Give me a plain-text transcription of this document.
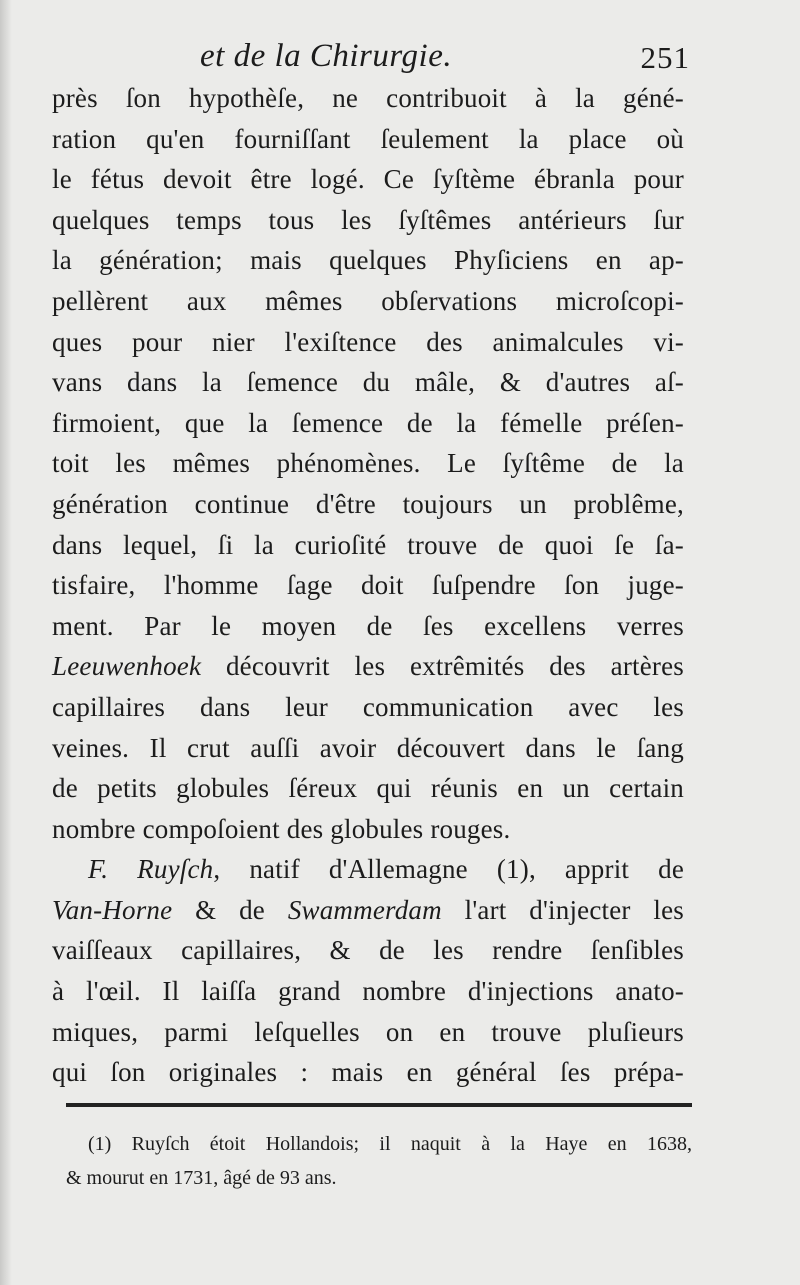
et de la Chirurgie.	251
près ſon hypothèſe, ne contribuoit à la géné-
ration qu'en fourniſſant ſeulement la place où
le fétus devoit être logé. Ce ſyſtème ébranla pour
quelques temps tous les ſyſtêmes antérieurs ſur
la génération; mais quelques Phyſiciens en ap-
pellèrent aux mêmes obſervations microſcopi-
ques pour nier l'exiſtence des animalcules vi-
vans dans la ſemence du mâle, & d'autres aſ-
firmoient, que la ſemence de la fémelle préſen-
toit les mêmes phénomènes. Le ſyſtême de la
génération continue d'être toujours un problême,
dans lequel, ſi la curioſité trouve de quoi ſe ſa-
tisfaire, l'homme ſage doit ſuſpendre ſon juge-
ment. Par le moyen de ſes excellens verres
Leeuwenhoek découvrit les extrêmités des artères
capillaires dans leur communication avec les
veines. Il crut auſſi avoir découvert dans le ſang
de petits globules ſéreux qui réunis en un certain
nombre compoſoient des globules rouges.
F. Ruyſch, natif d'Allemagne (1), apprit de
Van-Horne & de Swammerdam l'art d'injecter les
vaiſſeaux capillaires, & de les rendre ſenſibles
à l'œil. Il laiſſa grand nombre d'injections anato-
miques, parmi leſquelles on en trouve pluſieurs
qui ſon originales : mais en général ſes prépa-
(1) Ruyſch étoit Hollandois; il naquit à la Haye en 1638,
& mourut en 1731, âgé de 93 ans.
